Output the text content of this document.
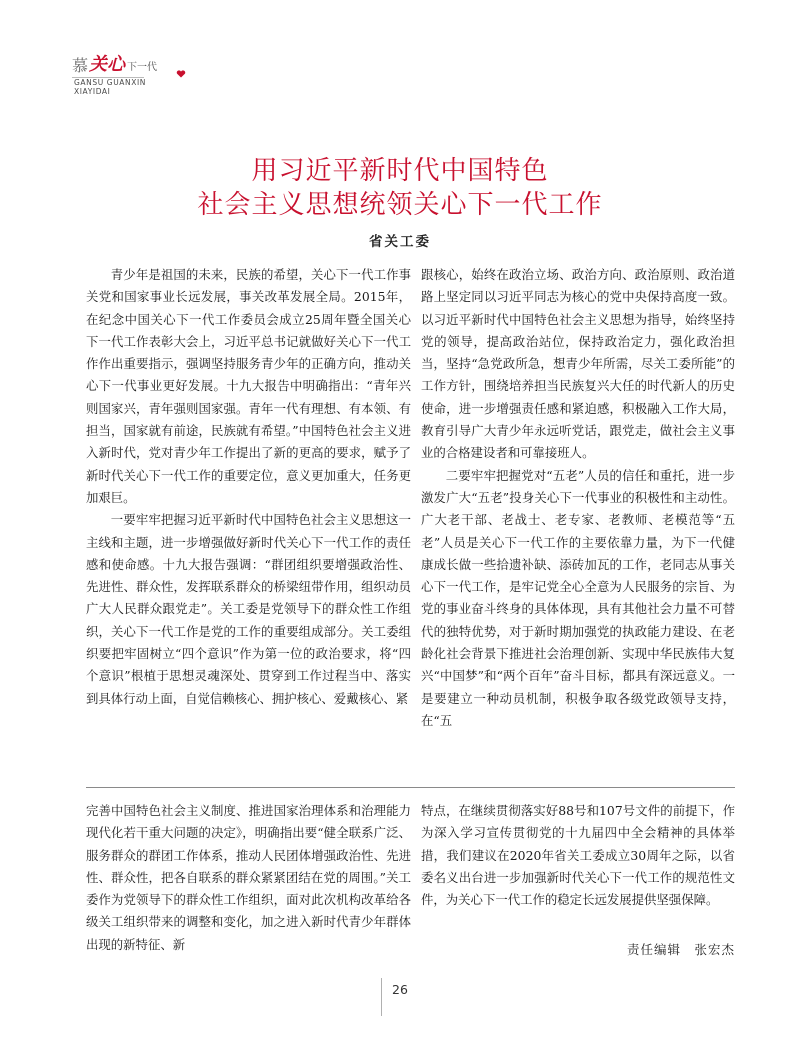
慕 关心 下一代
GANSU GUANXIN
XIAYIDAI
用习近平新时代中国特色
社会主义思想统领关心下一代工作
省关工委

青少年是祖国的未来，民族的希望，关心下一代工作事关党和国家事业长远发展，事关改革发展全局。2015年，在纪念中国关心下一代工作委员会成立25周年暨全国关心下一代工作表彰大会上，习近平总书记就做好关心下一代工作作出重要指示，强调坚持服务青少年的正确方向，推动关心下一代事业更好发展。十九大报告中明确指出：“青年兴则国家兴，青年强则国家强。青年一代有理想、有本领、有担当，国家就有前途，民族就有希望。”中国特色社会主义进入新时代，党对青少年工作提出了新的更高的要求，赋予了新时代关心下一代工作的重要定位，意义更加重大，任务更加艰巨。

一要牢牢把握习近平新时代中国特色社会主义思想这一主线和主题，进一步增强做好新时代关心下一代工作的责任感和使命感。十九大报告强调：“群团组织要增强政治性、先进性、群众性，发挥联系群众的桥梁纽带作用，组织动员广大人民群众跟党走”。关工委是党领导下的群众性工作组织，关心下一代工作是党的工作的重要组成部分。关工委组织要把牢固树立“四个意识”作为第一位的政治要求，将“四个意识”根植于思想灵魂深处、贯穿到工作过程当中、落实到具体行动上面，自觉信赖核心、拥护核心、爱戴核心、紧

跟核心，始终在政治立场、政治方向、政治原则、政治道路上坚定同以习近平同志为核心的党中央保持高度一致。以习近平新时代中国特色社会主义思想为指导，始终坚持党的领导，提高政治站位，保持政治定力，强化政治担当，坚持“急党政所急，想青少年所需，尽关工委所能”的工作方针，围绕培养担当民族复兴大任的时代新人的历史使命，进一步增强责任感和紧迫感，积极融入工作大局，教育引导广大青少年永远听党话，跟党走，做社会主义事业的合格建设者和可靠接班人。

二要牢牢把握党对“五老”人员的信任和重托，进一步激发广大“五老”投身关心下一代事业的积极性和主动性。广大老干部、老战士、老专家、老教师、老模范等“五老”人员是关心下一代工作的主要依靠力量，为下一代健康成长做一些拾遗补缺、添砖加瓦的工作，老同志从事关心下一代工作，是牢记党全心全意为人民服务的宗旨、为党的事业奋斗终身的具体体现，具有其他社会力量不可替代的独特优势，对于新时期加强党的执政能力建设、在老龄化社会背景下推进社会治理创新、实现中华民族伟大复兴“中国梦”和“两个百年”奋斗目标，都具有深远意义。一是要建立一种动员机制，积极争取各级党政领导支持，在“五

完善中国特色社会主义制度、推进国家治理体系和治理能力现代化若干重大问题的决定》，明确指出要“健全联系广泛、服务群众的群团工作体系，推动人民团体增强政治性、先进性、群众性，把各自联系的群众紧紧团结在党的周围。”关工委作为党领导下的群众性工作组织，面对此次机构改革给各级关工组织带来的调整和变化，加之进入新时代青少年群体出现的新特征、新

特点，在继续贯彻落实好88号和107号文件的前提下，作为深入学习宣传贯彻党的十九届四中全会精神的具体举措，我们建议在2020年省关工委成立30周年之际，以省委名义出台进一步加强新时代关心下一代工作的规范性文件，为关心下一代工作的稳定长远发展提供坚强保障。

责任编辑　张宏杰
26
